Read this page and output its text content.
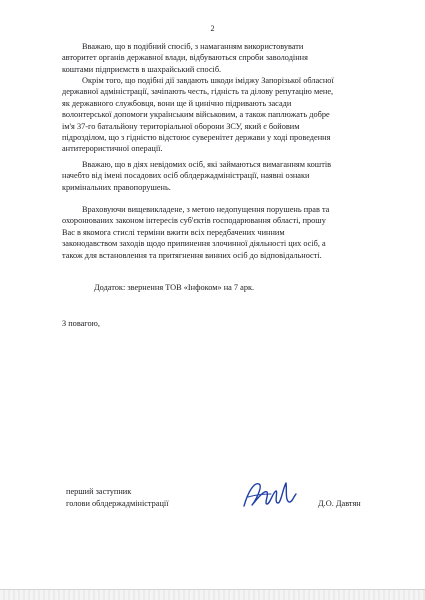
2

Вважаю, що в подібний спосіб, з намаганням використовувати
авторитет органів державної влади, відбуваються спроби заволодіння
коштами підприємств в шахрайський спосіб.

Окрім того, що подібні дії завдають шкоди іміджу Запорізької обласної
державної адміністрації, зачіпають честь, гідність та ділову репутацію мене,
як державного службовця, вони ще й цинічно підривають засади
волонтерської допомоги українським військовим, а також паплюжать добре
ім'я 37-го батальйону територіальної оборони ЗСУ, який є бойовим
підрозділом, що з гідністю відстоює суверенітет держави у ході проведення
антитерористичної операції.

Вважаю, що в діях невідомих осіб, які займаються вимаганням коштів
начебто від імені посадових осіб облдержадміністрації, наявні ознаки
кримінальних правопорушень.

Враховуючи вищевикладене, з метою недопущення порушень прав та
охоронюваних законом інтересів суб'єктів господарювання області, прошу
Вас в якомога стислі терміни вжити всіх передбачених чинним
законодавством заходів щодо припинення злочинної діяльності цих осіб, а
також для встановлення та притягнення винних осіб до відповідальності.

Додаток: звернення ТОВ «Інфоком» на 7 арк.
З повагою,
перший заступник
голови облдержадміністрації	Д.О. Давтян
